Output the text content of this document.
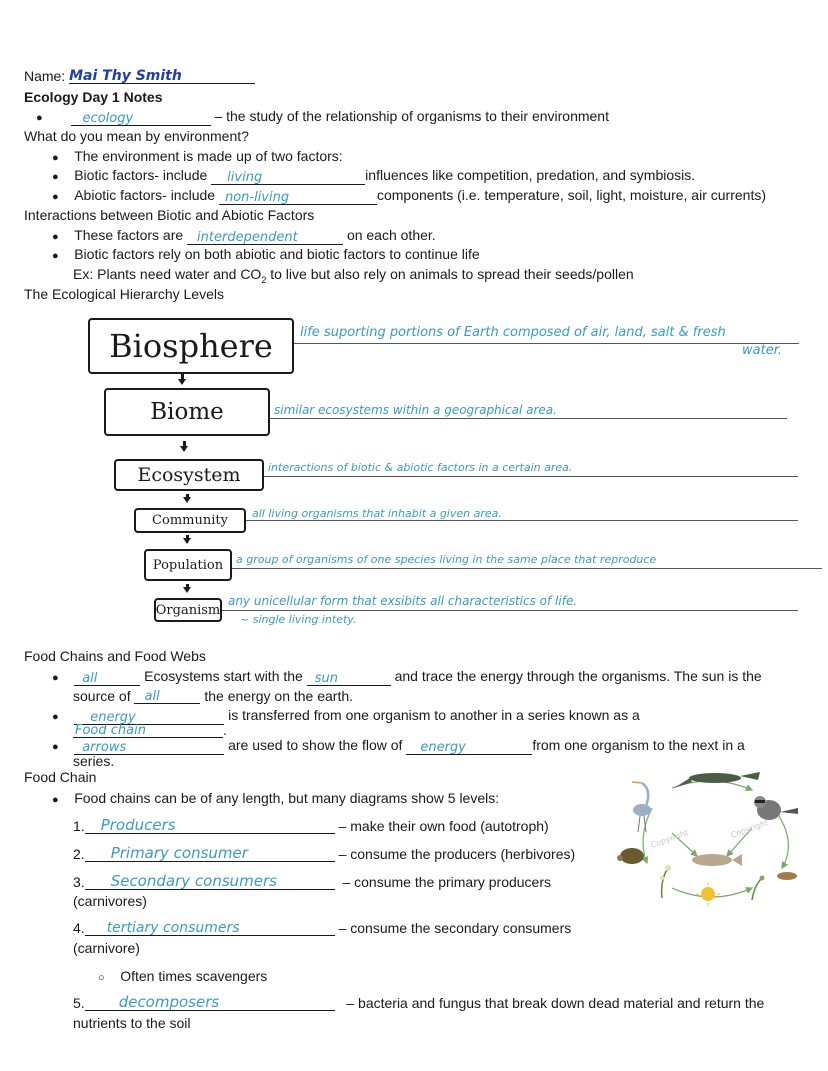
Name: Mai Thy Smith
Ecology Day 1 Notes
●	ecology	– the study of the relationship of organisms to their environment
What do you mean by environment?
● The environment is made up of two factors:
● Biotic factors- include living	influences like competition, predation, and symbiosis.
● Abiotic factors- include non-living	components (i.e. temperature, soil, light, moisture, air currents)
Interactions between Biotic and Abiotic Factors
● These factors are interdependent	on each other.
● Biotic factors rely on both abiotic and biotic factors to continue life
Ex: Plants need water and $CO_2$ to live but also rely on animals to spread their seeds/pollen
The Ecological Hierarchy Levels
Biosphere life suporting portions of Earth composed of air, land, salt & fresh
water.
Biome	similar ecosystems within a geographical area.
Ecosystem interactions of biotic & abiotic factors in a certain area.
Community all living organisms that inhabit a given area.
Population a group of organisms of one species living in the same place that reproduce
Organism
any unicellular form that exsibits all characteristics of life.
~ single living intety.
Food Chains and Food Webs
● all	Ecosystems start with the sun	and trace the energy through the organisms. The sun is the
source of all	the energy on the earth.
● energy	is transferred from one organism to another in a series known as a
Food chain	.
● arrows	are used to show the flow of energy	from one organism to the next in a
series.
Food Chain
● Food chains can be of any length, but many diagrams show 5 levels:
1. Producers	– make their own food (autotroph)
2. Primary consumer	– consume the producers (herbivores)
3. Secondary consumers	– consume the primary producers
(carnivores)
4. tertiary consumers	– consume the secondary consumers
(carnivore)
○ Often times scavengers
5. decomposers	– bacteria and fungus that break down dead material and return the
nutrients to the soil
Copyright	Copyright
